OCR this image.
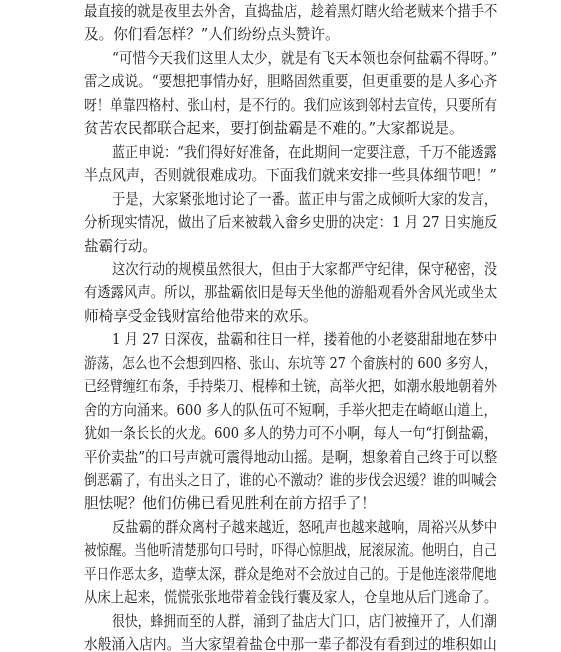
最直接的就是夜里去外舍，直捣盐店，趁着黑灯瞎火给老贼来个措手不
及。你们看怎样？”人们纷纷点头赞许。
“可惜今天我们这里人太少，就是有飞天本领也奈何盐霸不得呀。”
雷之成说。“要想把事情办好，胆略固然重要，但更重要的是人多心齐
呀！单靠四格村、张山村，是不行的。我们应该到邻村去宣传，只要所有
贫苦农民都联合起来，要打倒盐霸是不难的。”大家都说是。
蓝正申说：“我们得好好准备，在此期间一定要注意，千万不能透露
半点风声，否则就很难成功。下面我们就来安排一些具体细节吧！”
于是，大家紧张地讨论了一番。蓝正申与雷之成倾听大家的发言，
分析现实情况，做出了后来被载入畲乡史册的决定：1 月 27 日实施反
盐霸行动。
这次行动的规模虽然很大，但由于大家都严守纪律，保守秘密，没
有透露风声。所以，那盐霸依旧是每天坐他的游船观看外舍风光或坐太
师椅享受金钱财富给他带来的欢乐。
1 月 27 日深夜，盐霸和往日一样，搂着他的小老婆甜甜地在梦中
游荡，怎么也不会想到四格、张山、东坑等 27 个畲族村的 600 多穷人，
已经臂缠红布条，手持柴刀、棍棒和土铳，高举火把，如潮水般地朝着外
舍的方向涌来。600 多人的队伍可不短啊，手举火把走在崎岖山道上，
犹如一条长长的火龙。600 多人的势力可不小啊，每人一句“打倒盐霸，
平价卖盐”的口号声就可震得地动山摇。是啊，想象着自己终于可以整
倒恶霸了，有出头之日了，谁的心不激动？谁的步伐会迟缓？谁的叫喊会
胆怯呢？他们仿佛已看见胜利在前方招手了！
反盐霸的群众离村子越来越近，怒吼声也越来越响，周裕兴从梦中
被惊醒。当他听清楚那句口号时，吓得心惊胆战，屁滚尿流。他明白，自己
平日作恶太多，造孽太深，群众是绝对不会放过自己的。于是他连滚带爬地
从床上起来，慌慌张张地带着金钱行囊及家人，仓皇地从后门逃命了。
很快，蜂拥而至的人群，涌到了盐店大门口，店门被撞开了，人们潮
水般涌入店内。当大家望着盐仓中那一辈子都没有看到过的堆积如山
